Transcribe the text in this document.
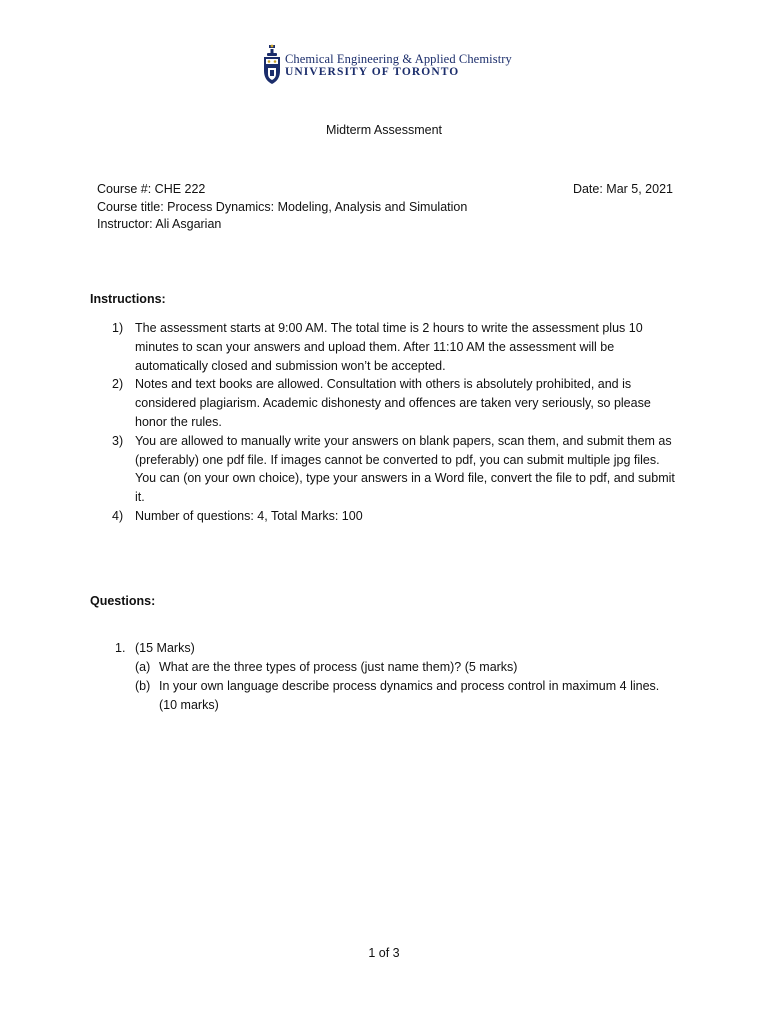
Chemical Engineering & Applied Chemistry
UNIVERSITY OF TORONTO
Midterm Assessment
Course #: CHE 222	Date: Mar 5, 2021
Course title: Process Dynamics: Modeling, Analysis and Simulation
Instructor: Ali Asgarian
Instructions:
1) The assessment starts at 9:00 AM. The total time is 2 hours to write the assessment plus 10 minutes to scan your answers and upload them. After 11:10 AM the assessment will be automatically closed and submission won’t be accepted.
2) Notes and text books are allowed. Consultation with others is absolutely prohibited, and is considered plagiarism. Academic dishonesty and offences are taken very seriously, so please honor the rules.
3) You are allowed to manually write your answers on blank papers, scan them, and submit them as (preferably) one pdf file. If images cannot be converted to pdf, you can submit multiple jpg files. You can (on your own choice), type your answers in a Word file, convert the file to pdf, and submit it.
4) Number of questions: 4, Total Marks: 100
Questions:
1. (15 Marks)
(a) What are the three types of process (just name them)? (5 marks)
(b) In your own language describe process dynamics and process control in maximum 4 lines. (10 marks)
1 of 3
